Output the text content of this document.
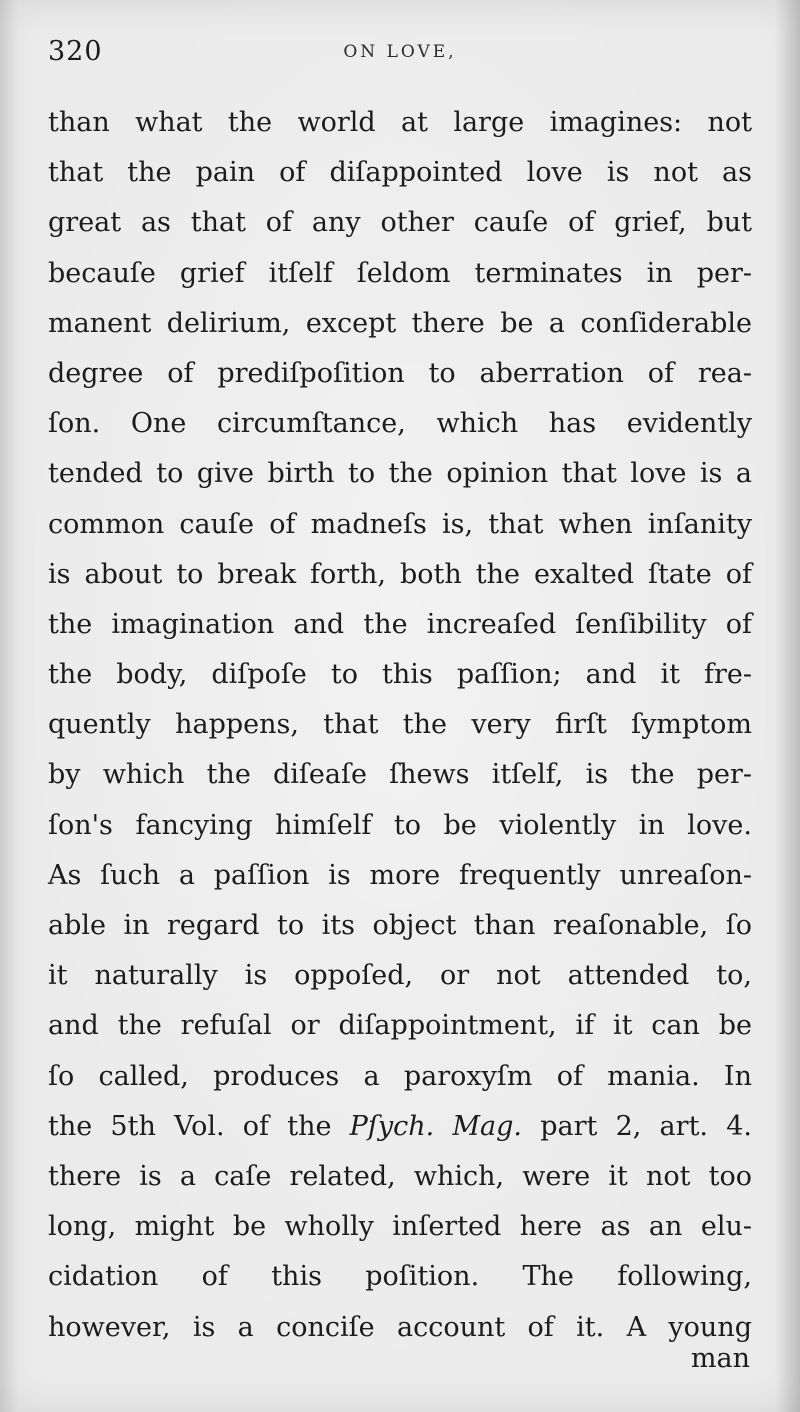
320	ON LOVE,
than what the world at large imagines: not
that the pain of diſappointed love is not as
great as that of any other cauſe of grief, but
becauſe grief itſelf ſeldom terminates in per-
manent delirium, except there be a conſiderable
degree of prediſpoſition to aberration of rea-
ſon. One circumſtance, which has evidently
tended to give birth to the opinion that love is a
common cauſe of madneſs is, that when inſanity
is about to break forth, both the exalted ſtate of
the imagination and the increaſed ſenſibility of
the body, diſpoſe to this paſſion; and it fre-
quently happens, that the very firſt ſymptom
by which the diſeaſe ſhews itſelf, is the per-
ſon's fancying himſelf to be violently in love.
As ſuch a paſſion is more frequently unreaſon-
able in regard to its object than reaſonable, ſo
it naturally is oppoſed, or not attended to,
and the refuſal or diſappointment, if it can be
ſo called, produces a paroxyſm of mania. In
the 5th Vol. of the Pſych. Mag. part 2, art. 4.
there is a caſe related, which, were it not too
long, might be wholly inſerted here as an elu-
cidation of this poſition. The following,
however, is a conciſe account of it. A young
man
